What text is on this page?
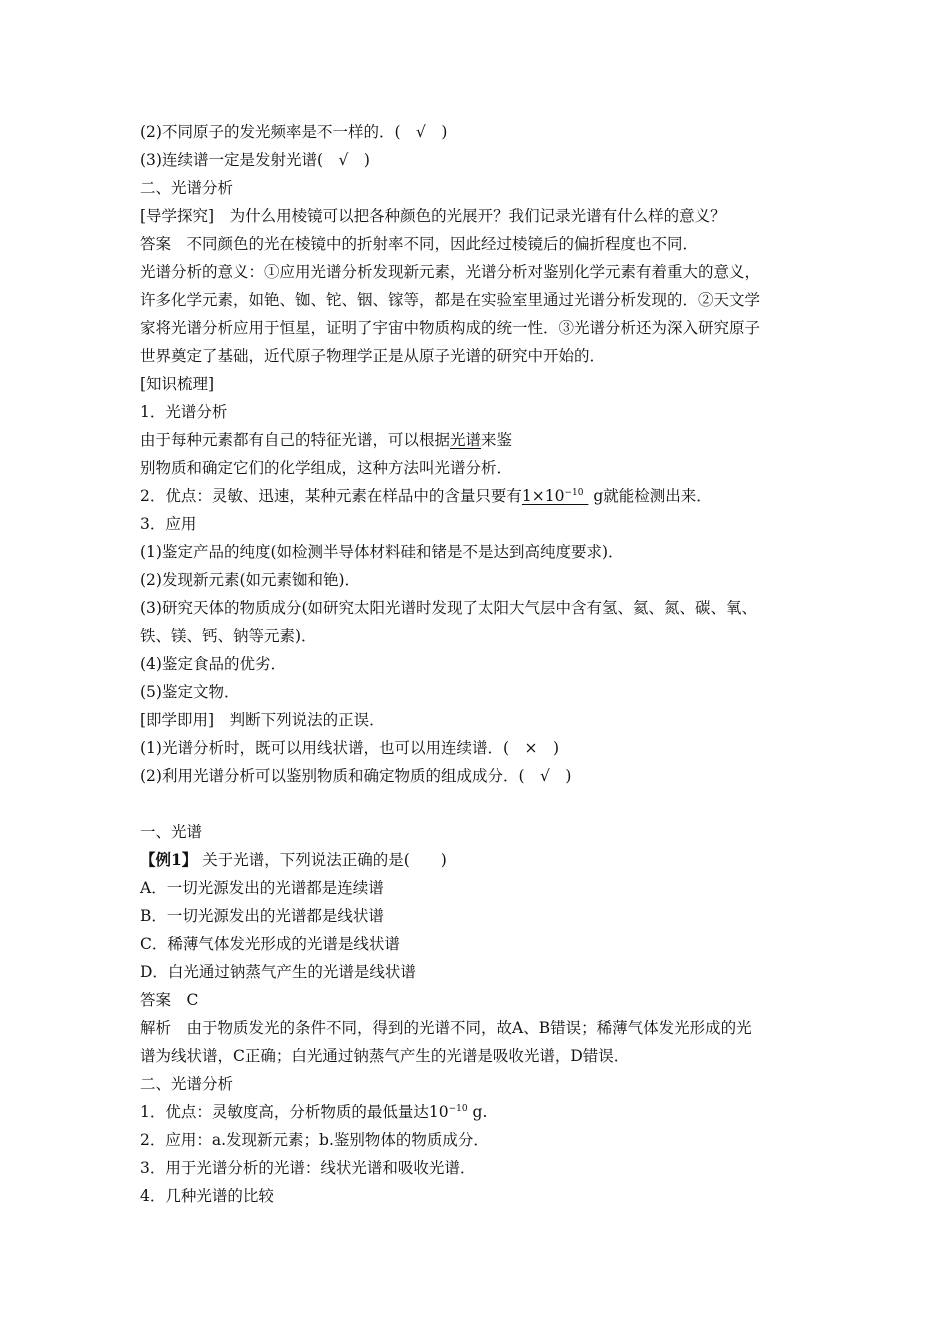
(2)不同原子的发光频率是不一样的．(　√　)
(3)连续谱一定是发射光谱(　√　)
二、光谱分析
[导学探究]　为什么用棱镜可以把各种颜色的光展开？我们记录光谱有什么样的意义？
答案　不同颜色的光在棱镜中的折射率不同，因此经过棱镜后的偏折程度也不同．
光谱分析的意义：①应用光谱分析发现新元素，光谱分析对鉴别化学元素有着重大的意义，
许多化学元素，如铯、铷、铊、铟、镓等，都是在实验室里通过光谱分析发现的．②天文学
家将光谱分析应用于恒星，证明了宇宙中物质构成的统一性．③光谱分析还为深入研究原子
世界奠定了基础，近代原子物理学正是从原子光谱的研究中开始的．
[知识梳理]
1．光谱分析
由于每种元素都有自己的特征光谱，可以根据光谱来鉴
别物质和确定它们的化学组成，这种方法叫光谱分析．
2．优点：灵敏、迅速，某种元素在样品中的含量只要有$1\times 10^{-10}$ g就能检测出来．
3．应用
(1)鉴定产品的纯度(如检测半导体材料硅和锗是不是达到高纯度要求)．
(2)发现新元素(如元素铷和铯)．
(3)研究天体的物质成分(如研究太阳光谱时发现了太阳大气层中含有氢、氦、氮、碳、氧、
铁、镁、钙、钠等元素)．
(4)鉴定食品的优劣．
(5)鉴定文物．
[即学即用]　判断下列说法的正误．
(1)光谱分析时，既可以用线状谱，也可以用连续谱．(　×　)
(2)利用光谱分析可以鉴别物质和确定物质的组成成分．(　√　)
一、光谱
【例1】 关于光谱，下列说法正确的是(　　)
A．一切光源发出的光谱都是连续谱
B．一切光源发出的光谱都是线状谱
C．稀薄气体发光形成的光谱是线状谱
D．白光通过钠蒸气产生的光谱是线状谱
答案　C
解析　由于物质发光的条件不同，得到的光谱不同，故A、B错误；稀薄气体发光形成的光
谱为线状谱，C正确；白光通过钠蒸气产生的光谱是吸收光谱，D错误．
二、光谱分析
1．优点：灵敏度高，分析物质的最低量达$10^{-10}$ g.
2．应用：a.发现新元素；b.鉴别物体的物质成分．
3．用于光谱分析的光谱：线状光谱和吸收光谱．
4．几种光谱的比较
